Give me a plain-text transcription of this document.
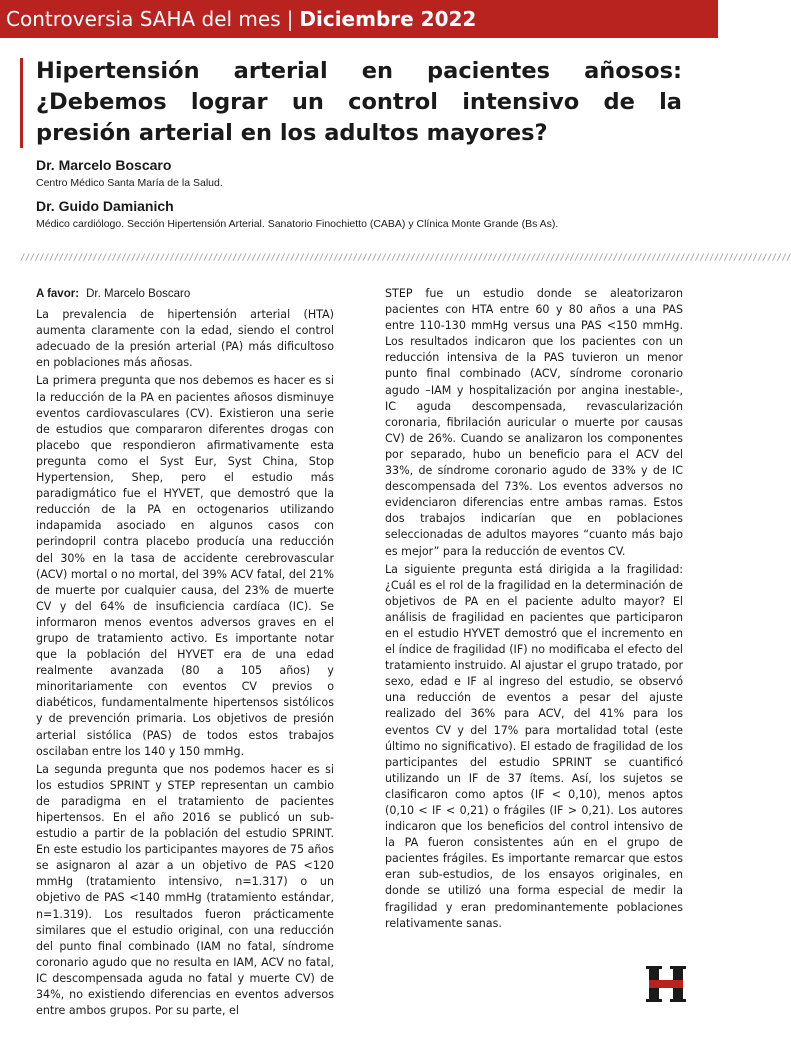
Controversia SAHA del mes | Diciembre 2022
Hipertensión arterial en pacientes añosos: ¿Debemos lograr un control intensivo de la presión arterial en los adultos mayores?
Dr. Marcelo Boscaro
Centro Médico Santa María de la Salud.
Dr. Guido Damianich
Médico cardiólogo. Sección Hipertensión Arterial. Sanatorio Finochietto (CABA) y Clínica Monte Grande (Bs As).
////////////////////////////////////////////////////////////////////////////////////////////////////////////////////////////////////////////////////////////////

A favor: Dr. Marcelo Boscaro

La prevalencia de hipertensión arterial (HTA) aumenta claramente con la edad, siendo el control adecuado de la presión arterial (PA) más dificultoso en poblaciones más añosas.

La primera pregunta que nos debemos es hacer es si la reducción de la PA en pacientes añosos disminuye eventos cardiovasculares (CV). Existieron una serie de estudios que compararon diferentes drogas con placebo que respondieron afirmativamente esta pregunta como el Syst Eur, Syst China, Stop Hypertension, Shep, pero el estudio más paradigmático fue el HYVET, que demostró que la reducción de la PA en octogenarios utilizando indapamida asociado en algunos casos con perindopril contra placebo producía una reducción del 30% en la tasa de accidente cerebrovascular (ACV) mortal o no mortal, del 39% ACV fatal, del 21% de muerte por cualquier causa, del 23% de muerte CV y del 64% de insuficiencia cardíaca (IC). Se informaron menos eventos adversos graves en el grupo de tratamiento activo. Es importante notar que la población del HYVET era de una edad realmente avanzada (80 a 105 años) y minoritariamente con eventos CV previos o diabéticos, fundamentalmente hipertensos sistólicos y de prevención primaria. Los objetivos de presión arterial sistólica (PAS) de todos estos trabajos oscilaban entre los 140 y 150 mmHg.

La segunda pregunta que nos podemos hacer es si los estudios SPRINT y STEP representan un cambio de paradigma en el tratamiento de pacientes hipertensos. En el año 2016 se publicó un sub-estudio a partir de la población del estudio SPRINT. En este estudio los participantes mayores de 75 años se asignaron al azar a un objetivo de PAS <120 mmHg (tratamiento intensivo, n=1.317) o un objetivo de PAS <140 mmHg (tratamiento estándar, n=1.319). Los resultados fueron prácticamente similares que el estudio original, con una reducción del punto final combinado (IAM no fatal, síndrome coronario agudo que no resulta en IAM, ACV no fatal, IC descompensada aguda no fatal y muerte CV) de 34%, no existiendo diferencias en eventos adversos entre ambos grupos. Por su parte, el

STEP fue un estudio donde se aleatorizaron pacientes con HTA entre 60 y 80 años a una PAS entre 110-130 mmHg versus una PAS <150 mmHg. Los resultados indicaron que los pacientes con un reducción intensiva de la PAS tuvieron un menor punto final combinado (ACV, síndrome coronario agudo –IAM y hospitalización por angina inestable-, IC aguda descompensada, revascularización coronaria, fibrilación auricular o muerte por causas CV) de 26%. Cuando se analizaron los componentes por separado, hubo un beneficio para el ACV del 33%, de síndrome coronario agudo de 33% y de IC descompensada del 73%. Los eventos adversos no evidenciaron diferencias entre ambas ramas. Estos dos trabajos indicarían que en poblaciones seleccionadas de adultos mayores “cuanto más bajo es mejor” para la reducción de eventos CV.

La siguiente pregunta está dirigida a la fragilidad: ¿Cuál es el rol de la fragilidad en la determinación de objetivos de PA en el paciente adulto mayor? El análisis de fragilidad en pacientes que participaron en el estudio HYVET demostró que el incremento en el índice de fragilidad (IF) no modificaba el efecto del tratamiento instruido. Al ajustar el grupo tratado, por sexo, edad e IF al ingreso del estudio, se observó una reducción de eventos a pesar del ajuste realizado del 36% para ACV, del 41% para los eventos CV y del 17% para mortalidad total (este último no significativo). El estado de fragilidad de los participantes del estudio SPRINT se cuantificó utilizando un IF de 37 ítems. Así, los sujetos se clasificaron como aptos (IF < 0,10), menos aptos (0,10 < IF < 0,21) o frágiles (IF > 0,21). Los autores indicaron que los beneficios del control intensivo de la PA fueron consistentes aún en el grupo de pacientes frágiles. Es importante remarcar que estos eran sub-estudios, de los ensayos originales, en donde se utilizó una forma especial de medir la fragilidad y eran predominantemente poblaciones relativamente sanas.
